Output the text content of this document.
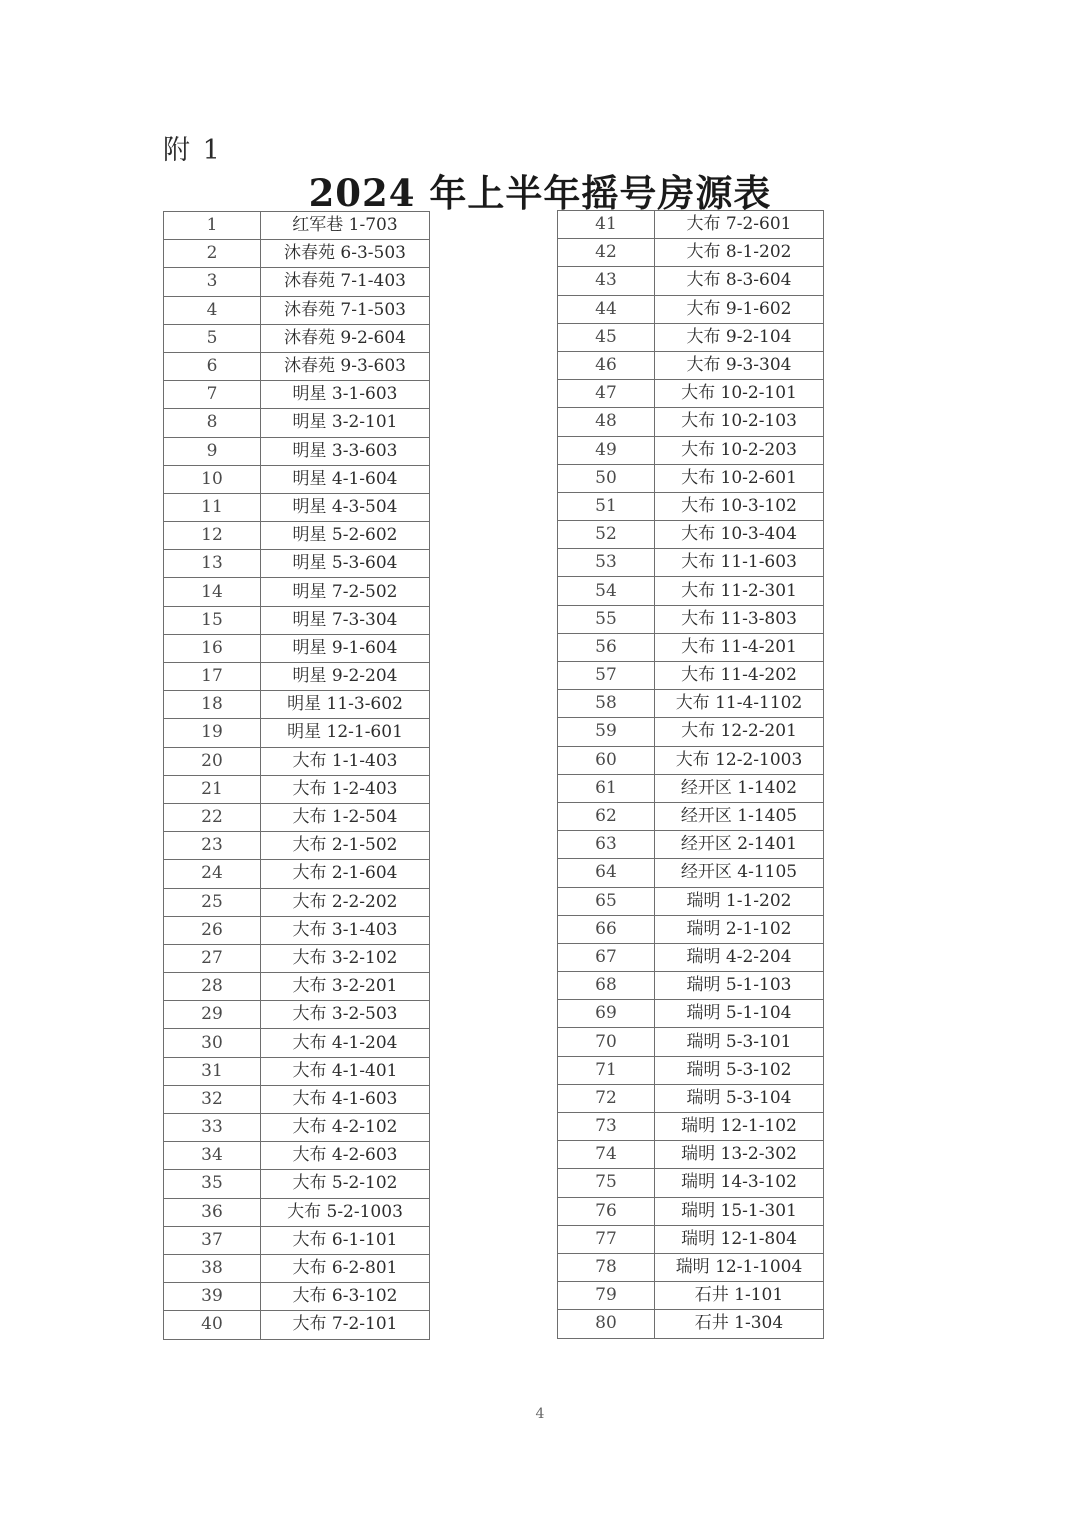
附 1
2024 年上半年摇号房源表
1	红军巷 1-703
2	沐春苑 6-3-503
3	沐春苑 7-1-403
4	沐春苑 7-1-503
5	沐春苑 9-2-604
6	沐春苑 9-3-603
7	明星 3-1-603
8	明星 3-2-101
9	明星 3-3-603
10	明星 4-1-604
11	明星 4-3-504
12	明星 5-2-602
13	明星 5-3-604
14	明星 7-2-502
15	明星 7-3-304
16	明星 9-1-604
17	明星 9-2-204
18	明星 11-3-602
19	明星 12-1-601
20	大布 1-1-403
21	大布 1-2-403
22	大布 1-2-504
23	大布 2-1-502
24	大布 2-1-604
25	大布 2-2-202
26	大布 3-1-403
27	大布 3-2-102
28	大布 3-2-201
29	大布 3-2-503
30	大布 4-1-204
31	大布 4-1-401
32	大布 4-1-603
33	大布 4-2-102
34	大布 4-2-603
35	大布 5-2-102
36	大布 5-2-1003
37	大布 6-1-101
38	大布 6-2-801
39	大布 6-3-102
40	大布 7-2-101
41	大布 7-2-601
42	大布 8-1-202
43	大布 8-3-604
44	大布 9-1-602
45	大布 9-2-104
46	大布 9-3-304
47	大布 10-2-101
48	大布 10-2-103
49	大布 10-2-203
50	大布 10-2-601
51	大布 10-3-102
52	大布 10-3-404
53	大布 11-1-603
54	大布 11-2-301
55	大布 11-3-803
56	大布 11-4-201
57	大布 11-4-202
58	大布 11-4-1102
59	大布 12-2-201
60	大布 12-2-1003
61	经开区 1-1402
62	经开区 1-1405
63	经开区 2-1401
64	经开区 4-1105
65	瑞明 1-1-202
66	瑞明 2-1-102
67	瑞明 4-2-204
68	瑞明 5-1-103
69	瑞明 5-1-104
70	瑞明 5-3-101
71	瑞明 5-3-102
72	瑞明 5-3-104
73	瑞明 12-1-102
74	瑞明 13-2-302
75	瑞明 14-3-102
76	瑞明 15-1-301
77	瑞明 12-1-804
78	瑞明 12-1-1004
79	石井 1-101
80	石井 1-304
4
